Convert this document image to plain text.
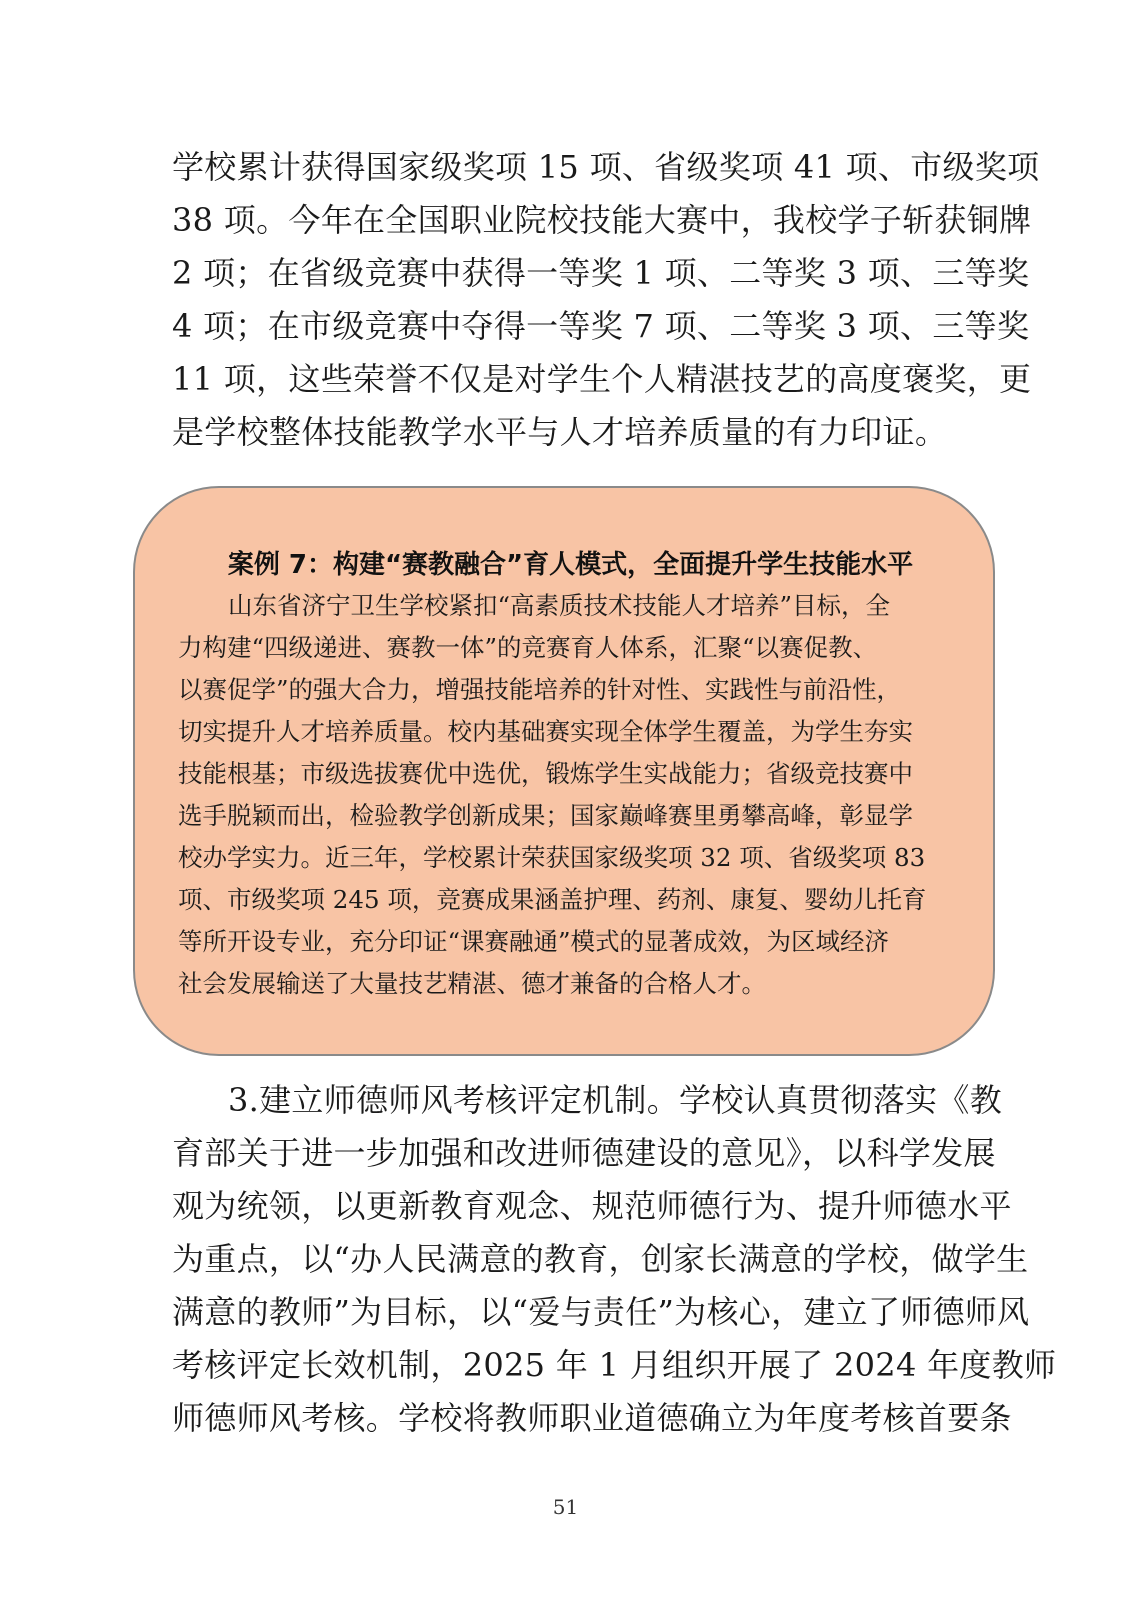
学校累计获得国家级奖项 15 项、省级奖项 41 项、市级奖项
38 项。今年在全国职业院校技能大赛中，我校学子斩获铜牌
2 项；在省级竞赛中获得一等奖 1 项、二等奖 3 项、三等奖
4 项；在市级竞赛中夺得一等奖 7 项、二等奖 3 项、三等奖
11 项，这些荣誉不仅是对学生个人精湛技艺的高度褒奖，更
是学校整体技能教学水平与人才培养质量的有力印证。
案例 7：构建“赛教融合”育人模式，全面提升学生技能水平
山东省济宁卫生学校紧扣“高素质技术技能人才培养”目标，全
力构建“四级递进、赛教一体”的竞赛育人体系，汇聚“以赛促教、
以赛促学”的强大合力，增强技能培养的针对性、实践性与前沿性，
切实提升人才培养质量。校内基础赛实现全体学生覆盖，为学生夯实
技能根基；市级选拔赛优中选优，锻炼学生实战能力；省级竞技赛中
选手脱颖而出，检验教学创新成果；国家巅峰赛里勇攀高峰，彰显学
校办学实力。近三年，学校累计荣获国家级奖项 32 项、省级奖项 83
项、市级奖项 245 项，竞赛成果涵盖护理、药剂、康复、婴幼儿托育
等所开设专业，充分印证“课赛融通”模式的显著成效，为区域经济
社会发展输送了大量技艺精湛、德才兼备的合格人才。
3.建立师德师风考核评定机制。学校认真贯彻落实《教
育部关于进一步加强和改进师德建设的意见》，以科学发展
观为统领，以更新教育观念、规范师德行为、提升师德水平
为重点，以“办人民满意的教育，创家长满意的学校，做学生
满意的教师”为目标，以“爱与责任”为核心，建立了师德师风
考核评定长效机制，2025 年 1 月组织开展了 2024 年度教师
师德师风考核。学校将教师职业道德确立为年度考核首要条
51
